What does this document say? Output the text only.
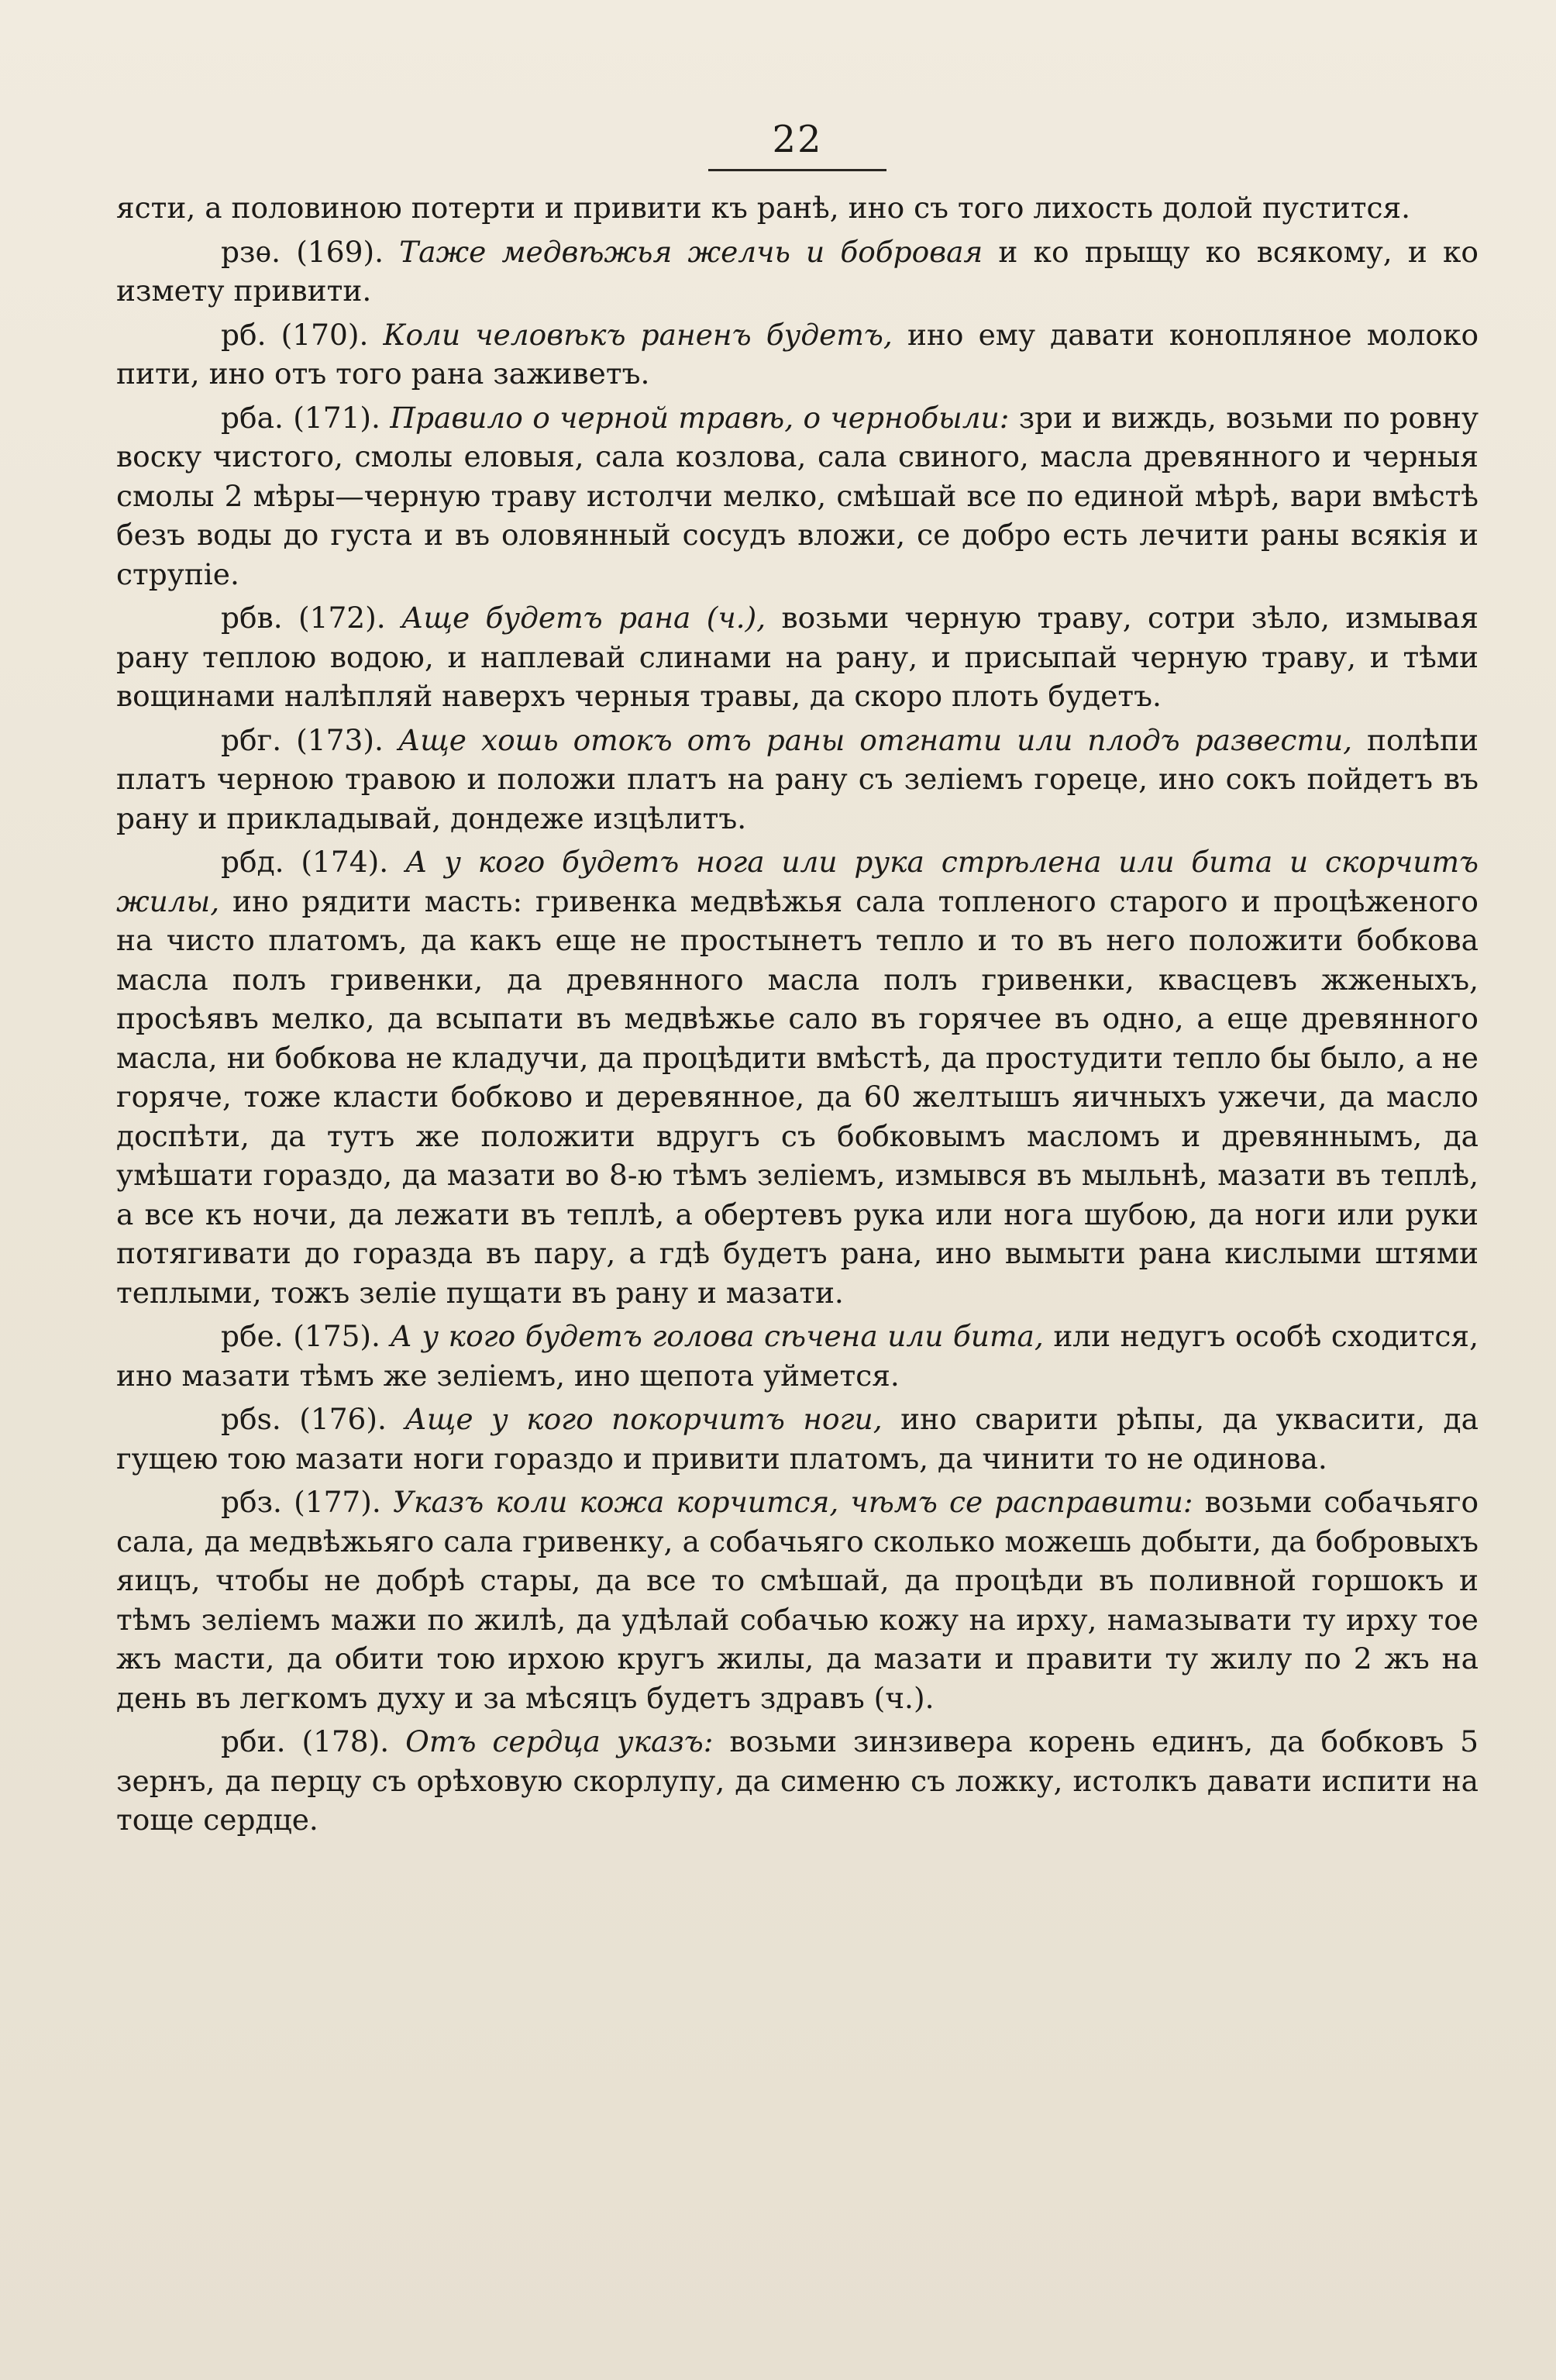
22

ясти, а половиною потерти и привити къ ранѣ, ино съ того лихость долой пустится.

рзѳ. (169). Таже медвѣжья желчь и бобровая и ко прыщу ко всякому, и ко измету привити.

рб. (170). Коли человѣкъ раненъ будетъ, ино ему давати конопляное молоко пити, ино отъ того рана заживетъ.

рба. (171). Правило о черной травѣ, о чернобыли: зри и виждь, возьми по ровну воску чистого, смолы еловыя, сала козлова, сала свиного, масла древянного и черныя смолы 2 мѣры—черную траву истолчи мелко, смѣшай все по единой мѣрѣ, вари вмѣстѣ безъ воды до густа и въ оловянный сосудъ вложи, се добро есть лечити раны всякія и струпіе.

рбв. (172). Аще будетъ рана (ч.), возьми черную траву, сотри зѣло, измывая рану теплою водою, и наплевай слинами на рану, и присыпай черную траву, и тѣми вощинами налѣпляй наверхъ черныя травы, да скоро плоть будетъ.

рбг. (173). Аще хошь отокъ отъ раны отгнати или плодъ развести, полѣпи платъ черною травою и положи платъ на рану съ зеліемъ гореце, ино сокъ пойдетъ въ рану и прикладывай, дондеже изцѣлитъ.

рбд. (174). А у кого будетъ нога или рука стрѣлена или бита и скорчитъ жилы, ино рядити масть: гривенка медвѣжья сала топленого старого и процѣженого на чисто платомъ, да какъ еще не простынетъ тепло и то въ него положити бобкова масла полъ гривенки, да древянного масла полъ гривенки, квасцевъ жженыхъ, просѣявъ мелко, да всыпати въ медвѣжье сало въ горячее въ одно, а еще древянного масла, ни бобкова не кладучи, да процѣдити вмѣстѣ, да простудити тепло бы было, а не горяче, тоже класти бобково и деревянное, да 60 желтышъ яичныхъ ужечи, да масло доспѣти, да тутъ же положити вдругъ съ бобковымъ масломъ и древяннымъ, да умѣшати гораздо, да мазати во 8-ю тѣмъ зеліемъ, измывся въ мыльнѣ, мазати въ теплѣ, а все къ ночи, да лежати въ теплѣ, а обертевъ рука или нога шубою, да ноги или руки потягивати до горазда въ пару, а гдѣ будетъ рана, ино вымыти рана кислыми штями теплыми, тожъ зеліе пущати въ рану и мазати.

рбе. (175). А у кого будетъ голова сѣчена или бита, или недугъ особѣ сходится, ино мазати тѣмъ же зеліемъ, ино щепота уймется.

рбѕ. (176). Аще у кого покорчитъ ноги, ино сварити рѣпы, да уквасити, да гущею тою мазати ноги гораздо и привити платомъ, да чинити то не одинова.

рбз. (177). Указъ коли кожа корчится, чѣмъ се расправити: возьми собачьяго сала, да медвѣжьяго сала гривенку, а собачьяго сколько можешь добыти, да бобровыхъ яицъ, чтобы не добрѣ стары, да все то смѣшай, да процѣди въ поливной горшокъ и тѣмъ зеліемъ мажи по жилѣ, да удѣлай собачью кожу на ирху, намазывати ту ирху тое жъ масти, да обити тою ирхою кругъ жилы, да мазати и правити ту жилу по 2 жъ на день въ легкомъ духу и за мѣсяцъ будетъ здравъ (ч.).

рби. (178). Отъ сердца указъ: возьми зинзивера корень единъ, да бобковъ 5 зернъ, да перцу съ орѣховую скорлупу, да сименю съ ложку, истолкъ давати испити на тоще сердце.
